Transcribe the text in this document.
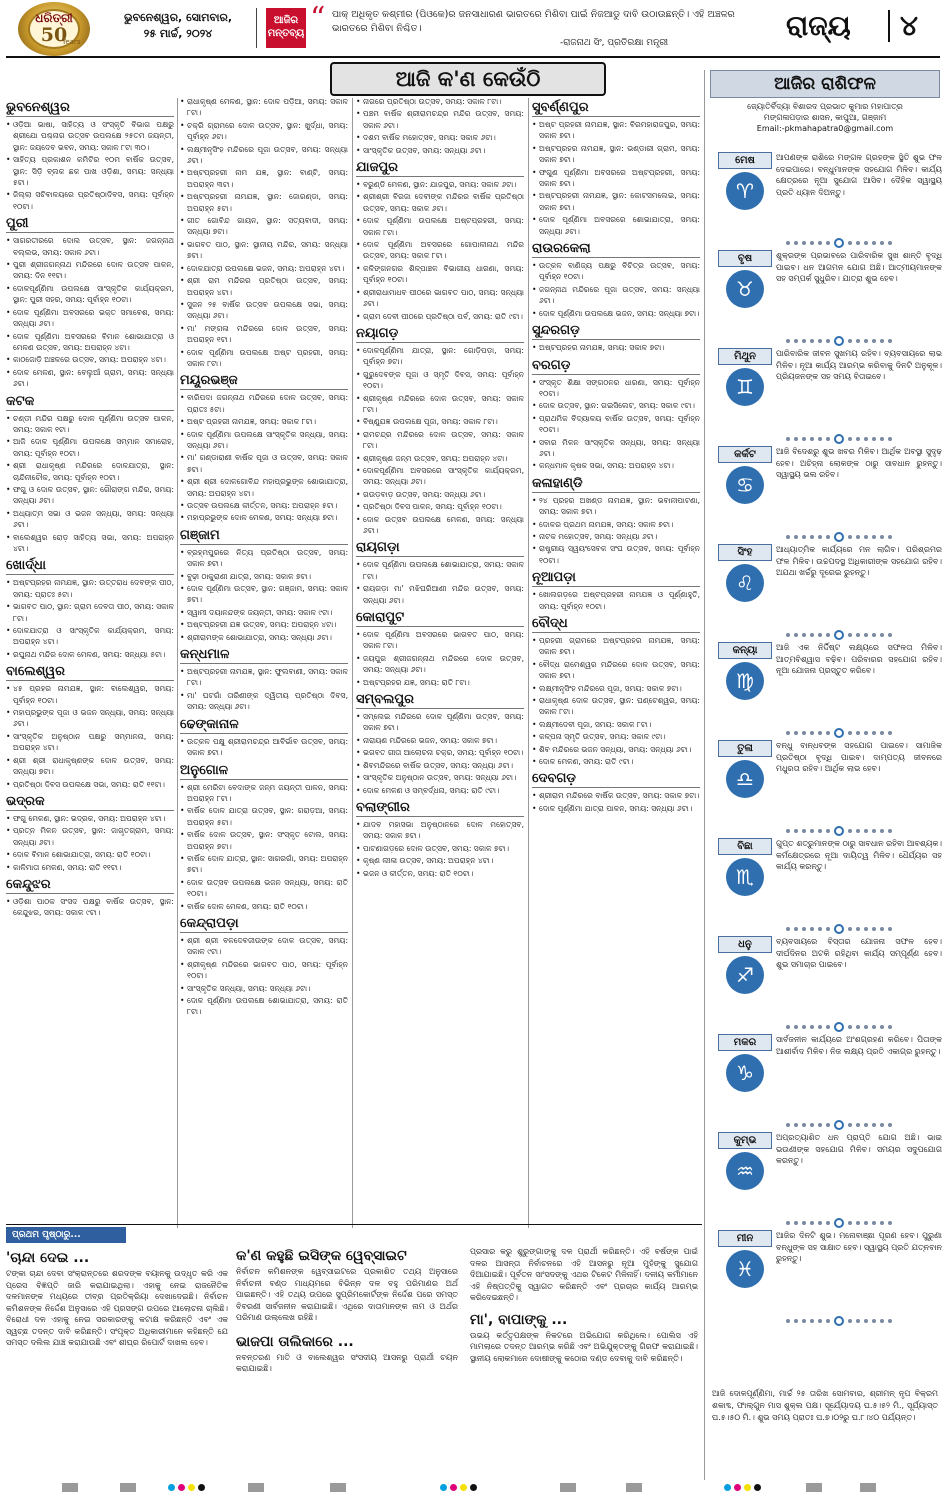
ଧରିତ୍ରୀ
50
Years
ଭୁବନେଶ୍ୱର, ସୋମବାର,
୨୫ ମାର୍ଚ୍ଚ, ୨୦୨୪
ଆଜିର ମନ୍ତବ୍ୟ “ ପାକ୍ ଅଧିକୃତ କଶ୍ମୀର (ପିଓକେ)ର ଜନସାଧାରଣ ଭାରତରେ ମିଶିବା ପାଇଁ ନିଜଆଡୁ ଦାବି ଉଠାଉଛନ୍ତି। ଏହି ଅଞ୍ଚଳର ଭାରତରେ ମିଶିବା ନିଶ୍ଚିତ।
-ରାଜନାଥ ସିଂ, ପ୍ରତିରକ୍ଷା ମନ୍ତ୍ରୀ
ରାଜ୍ୟ ୪
ଆଜି କ'ଣ କେଉଁଠି
ଭୁବନେଶ୍ୱର
• ଓଡ଼ିଆ ଭାଷା, ସାହିତ୍ୟ ଓ ସଂସ୍କୃତି ବିଭାଗ ପକ୍ଷରୁ ଶ୍ରୀଯୋ ପଶ୍ଚନାଗ ଉତ୍ସବ ଉପଲକ୍ଷେ ୨୫ତମ ଜୟନ୍ତୀ, ସ୍ଥାନ: ଜୟଦେବ ଭବନ, ସମୟ: ସକାଳ ୮ଟା ୩୦।
• ସାହିତ୍ୟ ପ୍ରକାଶନ କମିଟିର ୧୦ମ ବାର୍ଷିକ ଉତ୍ସବ, ସ୍ଥାନ: ସିଡ଼ି ବ୍ଲକ ଛକ ପାଖ ଓଡ଼ିଶା, ସମୟ: ସନ୍ଧ୍ୟା ୫ଟା।
• ଜିଲ୍ଲା ସଚିବାଳୟରେ ପ୍ରତିଷ୍ଠାଦିବସ, ସମୟ: ପୂର୍ବାହ୍ନ ୧୦ଟା।
ପୁରୀ
• ସାଗରତୀରରେ ଦୋଲ ଉତ୍ସବ, ସ୍ଥାନ: ଜଗନ୍ନାଥ ବଲ୍ଲଭ, ସମୟ: ସକାଳ ୬ଟା।
• ପୁରୀ ଶ୍ରୀଜଗନ୍ନାଥ ମନ୍ଦିରରେ ଦୋଳ ଉତ୍ସବ ପାଳନ, ସମୟ: ଦିନ ୧୧ଟା।
• ଦୋଳପୂର୍ଣ୍ଣିମା ଉପଲକ୍ଷେ ସାଂସ୍କୃତିକ କାର୍ଯ୍ୟକ୍ରମ, ସ୍ଥାନ: ପୁରୀ ସହର, ସମୟ: ପୂର୍ବାହ୍ନ ୧୦ଟା।
• ଦୋଳ ପୂର୍ଣ୍ଣିମା ଅବସରରେ ଭକ୍ତ ସମାବେଶ, ସମୟ: ସନ୍ଧ୍ୟା ୬ଟା।
• ଦୋଳ ପୂର୍ଣ୍ଣିମା ଅବସରରେ ବିମାନ ଶୋଭାଯାତ୍ରା ଓ ମେଳଣ ଉତ୍ସବ, ସମୟ: ଅପରାହ୍ନ ୪ଟା।
• କାଠଜୋଡ଼ି ଅଞ୍ଚଳରେ ଉତ୍ସବ, ସମୟ: ଅପରାହ୍ନ ୪ଟା।
• ଦୋଳ ମେଳଣ, ସ୍ଥାନ: ବେଲୁଆଁ ଗ୍ରାମ, ସମୟ: ସନ୍ଧ୍ୟା ୬ଟା।
କଟକ
• ଚଣ୍ଡୀ ମନ୍ଦିର ପକ୍ଷରୁ ଦୋଳ ପୂର୍ଣ୍ଣିମା ଉତ୍ସବ ପାଳନ, ସମୟ: ସକାଳ ୧ଟା।
• ଆଜି ଦୋଳ ପୂର୍ଣ୍ଣିମା ଉପଲକ୍ଷେ ସମ୍ମାନ ସମାରୋହ, ସମୟ: ପୂର୍ବାହ୍ନ ୧୦ଟା।
• ଶ୍ରୀ ରାଧାକୃଷ୍ଣ ମନ୍ଦିରରେ ଦୋଳଯାତ୍ରା, ସ୍ଥାନ: ଚାନ୍ଦିନୀଚୌକ, ସମୟ: ପୂର୍ବାହ୍ନ ୧୦ଟା।
• ଫଗୁ ଓ ଦୋଳ ଉତ୍ସବ, ସ୍ଥାନ: ଗୌରାଙ୍ଗ ମନ୍ଦିର, ସମୟ: ସନ୍ଧ୍ୟା ୬ଟା।
• ଅଧ୍ୟାତ୍ମ ସଭା ଓ ଭଜନ ସନ୍ଧ୍ୟା, ସମୟ: ସନ୍ଧ୍ୟା ୬ଟା।
• ବାଲେଶ୍ୱର ରୋଡ଼ ସାହିତ୍ୟ ସଭା, ସମୟ: ଅପରାହ୍ନ ୪ଟା।
ଖୋର୍ଦ୍ଧା
• ଅଷ୍ଟପ୍ରହର ନାମଯଜ୍ଞ, ସ୍ଥାନ: ଉତ୍ତରାଧ ଦେବଙ୍କ ପୀଠ, ସମୟ: ପ୍ରାତଃ ୫ଟା।
• ଭାଗବତ ପାଠ, ସ୍ଥାନ: ଗ୍ରାମ ଦେବତା ପୀଠ, ସମୟ: ସକାଳ ୮ଟା।
• ଦୋଳଯାତ୍ରା ଓ ସାଂସ୍କୃତିକ କାର୍ଯ୍ୟକ୍ରମ, ସମୟ: ଅପରାହ୍ନ ୪ଟା।
• ରଘୁନାଥ ମନ୍ଦିର ଦୋଳ ମେଳଣ, ସମୟ: ସନ୍ଧ୍ୟା ୫ଟା।
ବାଲେଶ୍ୱର
• ୪୫ ପ୍ରହର ନାମଯଜ୍ଞ, ସ୍ଥାନ: ବାଲେଶ୍ୱର, ସମୟ: ପୂର୍ବାହ୍ନ ୧୦ଟା।
• ମହାପ୍ରଭୁଙ୍କ ପୂଜା ଓ ଭଜନ ସନ୍ଧ୍ୟା, ସମୟ: ସନ୍ଧ୍ୟା ୬ଟା।
• ସାଂସ୍କୃତିକ ଅନୁଷ୍ଠାନ ପକ୍ଷରୁ ସମ୍ମାନନା, ସମୟ: ଅପରାହ୍ନ ୪ଟା।
• ଶ୍ରୀ ଶ୍ରୀ ରାଧାକୃଷ୍ଣଙ୍କ ଦୋଳ ଉତ୍ସବ, ସମୟ: ସନ୍ଧ୍ୟା ୭ଟା।
• ପ୍ରତିଷ୍ଠା ଦିବସ ଉପଲକ୍ଷେ ସଭା, ସମୟ: ରାତି ୧୧ଟା।
ଭଦ୍ରକ
• ଫଗୁ ମେଳଣ, ସ୍ଥାନ: ଭଦ୍ରକ, ସମୟ: ଅପରାହ୍ନ ୪ଟା।
• ପ୍ରତ୍ନ ମିଳନ ଉତ୍ସବ, ସ୍ଥାନ: ଜାଗୃତଗ୍ରାମ, ସମୟ: ସନ୍ଧ୍ୟା ୬ଟା।
• ଦୋଳ ବିମାନ ଶୋଭାଯାତ୍ରା, ସମୟ: ରାତି ୧୦ଟା।
• କାଳିମାତା ମେଳଣ, ସମୟ: ରାତି ୧୧ଟା।
କେନ୍ଦୁଝର
• ଓଡ଼ିଶା ପାଠକ ସଂସଦ ପକ୍ଷରୁ ବାର୍ଷିକ ଉତ୍ସବ, ସ୍ଥାନ: କେନ୍ଦୁଝର, ସମୟ: ସକାଳ ୯ଟା।
• ରାଧାକୃଷ୍ଣ ମେଳଣ, ସ୍ଥାନ: ଦୋଳ ପଡ଼ିଆ, ସମୟ: ସକାଳ ୮ଟା।
• ଚକ୍ରି ଗ୍ରାମରେ ଦୋଳ ଉତ୍ସବ, ସ୍ଥାନ: ଖୁର୍ଦ୍ଧା, ସମୟ: ପୂର୍ବାହ୍ନ ୬ଟା।
• ଲକ୍ଷ୍ମୀନୃସିଂହ ମନ୍ଦିରରେ ପୂଜା ଉତ୍ସବ, ସମୟ: ସନ୍ଧ୍ୟା ୬ଟା।
• ଅଷ୍ଟପ୍ରହରୀ ନାମ ଯଜ୍ଞ, ସ୍ଥାନ: ବାଣ୍ଟି, ସମୟ: ଅପରାହ୍ନ ୩ଟା।
• ଅଷ୍ଟପ୍ରହରୀ ନାମଯଜ୍ଞ, ସ୍ଥାନ: ଜୋରଣ୍ଡା, ସମୟ: ଅପରାହ୍ନ ୫ଟା।
• ଗୀତ ଗୋବିନ୍ଦ ଗାୟନ, ସ୍ଥାନ: ସତ୍ୟବାଦୀ, ସମୟ: ସନ୍ଧ୍ୟା ୭ଟା।
• ଭାଗବତ ପାଠ, ସ୍ଥାନ: ସ୍ଥାନୀୟ ମନ୍ଦିର, ସମୟ: ସନ୍ଧ୍ୟା ୭ଟା।
• ଦୋଳଯାତ୍ରା ଉପଲକ୍ଷେ ଭଜନ, ସମୟ: ଅପରାହ୍ନ ୪ଟା।
• ଶ୍ରୀ ରାମ ମନ୍ଦିରର ପ୍ରତିଷ୍ଠା ଉତ୍ସବ, ସମୟ: ଅପରାହ୍ନ ୪ଟା।
• ସୁଜନ ୨୫ ବାର୍ଷିକ ଉତ୍ସବ ଉପଲକ୍ଷେ ସଭା, ସମୟ: ସନ୍ଧ୍ୟା ୬ଟା।
• ମା' ମଙ୍ଗଳା ମନ୍ଦିରରେ ଦୋଳ ଉତ୍ସବ, ସମୟ: ଅପରାହ୍ନ ୧ଟା।
• ଦୋଳ ପୂର୍ଣ୍ଣିମା ଉପଲକ୍ଷେ ଅଷ୍ଟ ପ୍ରହରୀ, ସମୟ: ସକାଳ ୮ଟା।
ମୟୂରଭଞ୍ଜ
• ବାରିପଦା ଜଗନ୍ନାଥ ମନ୍ଦିରରେ ଦୋଳ ଉତ୍ସବ, ସମୟ: ପ୍ରାତଃ ୫ଟା।
• ଅଷ୍ଟ ପ୍ରହରୀ ନାମଯଜ୍ଞ, ସମୟ: ସକାଳ ୮ଟା।
• ଦୋଳ ପୂର୍ଣ୍ଣିମା ଉପଲକ୍ଷେ ସାଂସ୍କୃତିକ ସନ୍ଧ୍ୟା, ସମୟ: ସନ୍ଧ୍ୟା ୬ଟା।
• ମା' ଗଣ୍ଡାରାଣୀ ବାର୍ଷିକ ପୂଜା ଓ ଉତ୍ସବ, ସମୟ: ସକାଳ ୭ଟା।
• ଶ୍ରୀ ଶ୍ରୀ ଦୋଳଗୋବିନ୍ଦ ମହାପ୍ରଭୁଙ୍କ ଶୋଭାଯାତ୍ରା, ସମୟ: ଅପରାହ୍ନ ୪ଟା।
• ଉତ୍ସବ ଉପଲକ୍ଷେ କୀର୍ତ୍ତନ, ସମୟ: ଅପରାହ୍ନ ୫ଟା।
• ମହାପ୍ରଭୁଙ୍କ ଦୋଳ ମେଳଣ, ସମୟ: ସନ୍ଧ୍ୟା ୭ଟା।
ଗଞ୍ଜାମ
• ବ୍ରହ୍ମପୁରରେ ନିତ୍ୟ ପ୍ରତିଷ୍ଠା ଉତ୍ସବ, ସମୟ: ସକାଳ ୭ଟା।
• ବୁଢ଼ୀ ଠାକୁରାଣୀ ଯାତ୍ରା, ସମୟ: ସକାଳ ୭ଟା।
• ଦୋଳ ପୂର୍ଣ୍ଣିମା ଉତ୍ସବ, ସ୍ଥାନ: ଗଞ୍ଜାମ, ସମୟ: ସକାଳ ୭ଟା।
• ସ୍ୱାମୀ ଦୟାନନ୍ଦଙ୍କ ଜୟନ୍ତୀ, ସମୟ: ସକାଳ ୯ଟା।
• ଅଷ୍ଟପ୍ରହରୀ ଯଜ୍ଞ ଉତ୍ସବ, ସମୟ: ଅପରାହ୍ନ ୪ଟା।
• ଶ୍ରୀରାମଙ୍କ ଶୋଭାଯାତ୍ରା, ସମୟ: ସନ୍ଧ୍ୟା ୬ଟା।
କନ୍ଧମାଳ
• ଅଷ୍ଟପ୍ରହରୀ ନାମଯଜ୍ଞ, ସ୍ଥାନ: ଫୁଲବାଣୀ, ସମୟ: ସକାଳ ୮ଟା।
• ମା' ଘଟଗାଁ ତାରିଣୀଙ୍କ ଦ୍ୱିତୀୟ ପ୍ରତିଷ୍ଠା ଦିବସ, ସମୟ: ସନ୍ଧ୍ୟା ୬ଟା।
ଢେଙ୍କାନାଳ
• ଉତ୍କଳ ପକ୍ଷୁ ଶ୍ରୀରାମଚନ୍ଦ୍ର ଆବିର୍ଭାବ ଉତ୍ସବ, ସମୟ: ସକାଳ ୭ଟା।
ଅନୁଗୋଳ
• ଶ୍ରୀ ମେରିଟା ବେଦାଙ୍କ ଜନ୍ମ ଜୟନ୍ତୀ ପାଳନ, ସମୟ: ଅପରାହ୍ନ ୮ଟା।
• ବାର୍ଷିକ ଦୋଳ ଯାତ୍ରା ଉତ୍ସବ, ସ୍ଥାନ: ଗରାଡ଼ଆ, ସମୟ: ଅପରାହ୍ନ ୫ଟା।
• ବାର୍ଷିକ ଦୋଳ ଉତ୍ସବ, ସ୍ଥାନ: ସଂସ୍କୃତ ଟୋଲ, ସମୟ: ଅପରାହ୍ନ ୭ଟା।
• ବାର୍ଷିକ ଦୋଳ ଯାତ୍ରା, ସ୍ଥାନ: ସାଗରଗାଁ, ସମୟ: ଅପରାହ୍ନ ୭ଟା।
• ଦୋଳ ଉତ୍ସବ ଉପଲକ୍ଷେ ଭଜନ ସନ୍ଧ୍ୟା, ସମୟ: ରାତି ୧୦ଟା।
• ବାର୍ଷିକ ଦୋଳ ମେଳଣ, ସମୟ: ରାତି ୧୦ଟା।
କେନ୍ଦ୍ରାପଡ଼ା
• ଶ୍ରୀ ଶ୍ରୀ ବଳଦେବଜୀଉଙ୍କ ଦୋଳ ଉତ୍ସବ, ସମୟ: ସକାଳ ୯ଟା।
• ଶ୍ରୀକୃଷ୍ଣ ମନ୍ଦିରରେ ଭାଗବତ ପାଠ, ସମୟ: ପୂର୍ବାହ୍ନ ୧୦ଟା।
• ସାଂସ୍କୃତିକ ସନ୍ଧ୍ୟା, ସମୟ: ସନ୍ଧ୍ୟା ୬ଟା।
• ଦୋଳ ପୂର୍ଣ୍ଣିମା ଉପଲକ୍ଷେ ଶୋଭାଯାତ୍ରା, ସମୟ: ରାତି ୮ଟା।
• ନାଗରେ ପ୍ରତିଷ୍ଠା ଉତ୍ସବ, ସମୟ: ସକାଳ ୮ଟା।
• ପଞ୍ଚମ ବାର୍ଷିକ ଶ୍ରୀରାମଚନ୍ଦ୍ର ମନ୍ଦିର ଉତ୍ସବ, ସମୟ: ସକାଳ ୬ଟା।
• ଦଶମ ବାର୍ଷିକ ମହୋତ୍ସବ, ସମୟ: ସକାଳ ୬ଟା।
• ସାଂସ୍କୃତିକ ଉତ୍ସବ, ସମୟ: ସନ୍ଧ୍ୟା ୬ଟା।
ଯାଜପୁର
• ବରୁଣ୍ଡି ମେଳଣ, ସ୍ଥାନ: ଯାଜପୁର, ସମୟ: ସକାଳ ୬ଟା।
• ଶ୍ରୀଶ୍ରୀ ବିରଜା ଦେବୀଙ୍କ ମନ୍ଦିରର ବାର୍ଷିକ ପ୍ରତିଷ୍ଠା ଉତ୍ସବ, ସମୟ: ସକାଳ ୬ଟା।
• ଦୋଳ ପୂର୍ଣ୍ଣିମା ଉପଲକ୍ଷେ ଅଷ୍ଟପ୍ରହରୀ, ସମୟ: ସକାଳ ୮ଟା।
• ଦୋଳ ପୂର୍ଣ୍ଣିମା ଅବସରରେ ଗୋପାଳୀନାଥ ମନ୍ଦିର ଉତ୍ସବ, ସମୟ: ସକାଳ ୮ଟା।
• କଳିଙ୍ଗନଗର ଶିଳ୍ପାଞ୍ଚଳ ବିଭାଗୀୟ ଧାରଣା, ସମୟ: ପୂର୍ବାହ୍ନ ୧୦ଟା।
• ଶ୍ରୀରାଧାମାଧବ ପୀଠରେ ଭାଗବତ ପାଠ, ସମୟ: ସନ୍ଧ୍ୟା ୬ଟା।
• ଗ୍ରାମ ଦେବୀ ପୀଠରେ ପ୍ରତିଷ୍ଠା ପର୍ବ, ସମୟ: ରାତି ୯ଟା।
ନୟାଗଡ଼
• ଦୋଳପୂର୍ଣ୍ଣିମା ଯାତ୍ରା, ସ୍ଥାନ: ଗୋଡ଼ିପଡ଼ା, ସମୟ: ପୂର୍ବାହ୍ନ ୭ଟା।
• ଗୁରୁଦେବଙ୍କ ପୂଜା ଓ ସ୍ମୃତି ଦିବସ, ସମୟ: ପୂର୍ବାହ୍ନ ୧୦ଟା।
• ଶ୍ରୀକୃଷ୍ଣ ମନ୍ଦିରରେ ଦୋଳ ଉତ୍ସବ, ସମୟ: ସକାଳ ୮ଟା।
• ବିଷ୍ଣୁଯଜ୍ଞ ଉପଲକ୍ଷେ ପୂଜା, ସମୟ: ସକାଳ ୮ଟା।
• ରାମଚନ୍ଦ୍ର ମନ୍ଦିରରେ ଦୋଳ ଉତ୍ସବ, ସମୟ: ସକାଳ ୮ଟା।
• ଶ୍ରୀକୃଷ୍ଣ ଜନ୍ମ ଉତ୍ସବ, ସମୟ: ଅପରାହ୍ନ ୪ଟା।
• ଦୋଳପୂର୍ଣ୍ଣିମା ଅବସରରେ ସାଂସ୍କୃତିକ କାର୍ଯ୍ୟକ୍ରମ, ସମୟ: ସନ୍ଧ୍ୟା ୬ଟା।
• ଗଉଡ଼ବାଡ଼ ଉତ୍ସବ, ସମୟ: ସନ୍ଧ୍ୟା ୬ଟା।
• ପ୍ରତିଷ୍ଠା ଦିବସ ପାଳନ, ସମୟ: ପୂର୍ବାହ୍ନ ୧୦ଟା।
• ଦୋଳ ଉତ୍ସବ ଉପଲକ୍ଷେ ମେଳଣ, ସମୟ: ସନ୍ଧ୍ୟା ୬ଟା।
ରାୟଗଡ଼ା
• ଦୋଳ ପୂର୍ଣ୍ଣିମା ଉପଲକ୍ଷେ ଶୋଭାଯାତ୍ରା, ସମୟ: ସକାଳ ୮ଟା।
• ରାୟଗଡ଼ା ମା' ମଝିଘରିଆଣୀ ମନ୍ଦିର ଉତ୍ସବ, ସମୟ: ସନ୍ଧ୍ୟା ୬ଟା।
କୋରାପୁଟ
• ଦୋଳ ପୂର୍ଣ୍ଣିମା ଅବସରରେ ଭାଗବତ ପାଠ, ସମୟ: ସକାଳ ୮ଟା।
• ଜୟପୁର ଶ୍ରୀଜଗନ୍ନାଥ ମନ୍ଦିରରେ ଦୋଳ ଉତ୍ସବ, ସମୟ: ସନ୍ଧ୍ୟା ୬ଟା।
• ଅଷ୍ଟପ୍ରହର ଯଜ୍ଞ, ସମୟ: ରାତି ୮ଟା।
ସମ୍ବଲପୁର
• ସମ୍ଲେଇ ମନ୍ଦିରରେ ଦୋଳ ପୂର୍ଣ୍ଣିମା ଉତ୍ସବ, ସମୟ: ସକାଳ ୭ଟା।
• ନାରାୟଣ ମନ୍ଦିରରେ ଭଜନ, ସମୟ: ସକାଳ ୭ଟା।
• ଭଗବତ ଗୀତା ଆଲୋଚନା ଚକ୍ର, ସମୟ: ପୂର୍ବାହ୍ନ ୧୦ଟା।
• ଶିବମନ୍ଦିରରେ ବାର୍ଷିକ ଉତ୍ସବ, ସମୟ: ସନ୍ଧ୍ୟା ୬ଟା।
• ସାଂସ୍କୃତିକ ଅନୁଷ୍ଠାନ ଉତ୍ସବ, ସମୟ: ସନ୍ଧ୍ୟା ୬ଟା।
• ଦୋଳ ମେଳଣ ଓ ସମ୍ବର୍ଦ୍ଧନା, ସମୟ: ରାତି ୯ଟା।
ବଲାଙ୍ଗୀର
• ଯାଦବ ମହାସଭା ଅନୁଷ୍ଠାନରେ ଦୋଳ ମହୋତ୍ସବ, ସମୟ: ସକାଳ ୭ଟା।
• ପାଟଣାଗଡ଼ରେ ଦୋଳ ଉତ୍ସବ, ସମୟ: ସକାଳ ୭ଟା।
• କୃଷ୍ଣ ଲୀଳା ଉତ୍ସବ, ସମୟ: ଅପରାହ୍ନ ୪ଟା।
• ଭଜନ ଓ କୀର୍ତ୍ତନ, ସମୟ: ରାତି ୧୦ଟା।
ସୁବର୍ଣ୍ଣପୁର
• ଅଷ୍ଟ ପ୍ରହରୀ ନାମଯଜ୍ଞ, ସ୍ଥାନ: ବିରମହାରାଜପୁର, ସମୟ: ସକାଳ ୭ଟା।
• ଅଷ୍ଟପ୍ରହର ନାମଯଜ୍ଞ, ସ୍ଥାନ: ଭଣ୍ଡାରୀ ଗ୍ରାମ, ସମୟ: ସକାଳ ୭ଟା।
• ଫଗୁଣ ପୂର୍ଣ୍ଣିମା ଅବସରରେ ଅଷ୍ଟପ୍ରହରୀ, ସମୟ: ସକାଳ ୭ଟା।
• ଅଷ୍ଟପ୍ରହରୀ ନାମଯଜ୍ଞ, ସ୍ଥାନ: କୋଟସମଲେଇ, ସମୟ: ସକାଳ ୭ଟା।
• ଦୋଳ ପୂର୍ଣ୍ଣିମା ଅବସରରେ ଶୋଭାଯାତ୍ରା, ସମୟ: ସନ୍ଧ୍ୟା ୬ଟା।
ରାଉରକେଲା
• ଉତ୍କଳ ବାଣିଜ୍ୟ ପକ୍ଷରୁ ବିଚିତ୍ର ଉତ୍ସବ, ସମୟ: ପୂର୍ବାହ୍ନ ୧୦ଟା।
• ଜଗନ୍ନାଥ ମନ୍ଦିରରେ ପୂଜା ଉତ୍ସବ, ସମୟ: ସନ୍ଧ୍ୟା ୬ଟା।
• ଦୋଳ ପୂର୍ଣ୍ଣିମା ଉପଲକ୍ଷେ ଭଜନ, ସମୟ: ସନ୍ଧ୍ୟା ୭ଟା।
ସୁନ୍ଦରଗଡ଼
• ଅଷ୍ଟପ୍ରହର ନାମଯଜ୍ଞ, ସମୟ: ସକାଳ ୭ଟା।
ବରଗଡ଼
• ସଂସ୍କୃତ ଶିକ୍ଷା ସଙ୍ଗଠନର ଧାରଣା, ସମୟ: ପୂର୍ବାହ୍ନ ୧୦ଟା।
• ଦୋଳ ଉତ୍ସବ, ସ୍ଥାନ: ଗଇସିଲେଟ, ସମୟ: ସକାଳ ୯ଟା।
• ପ୍ରାଥମିକ ବିଦ୍ୟାଳୟ ବାର୍ଷିକ ଉତ୍ସବ, ସମୟ: ପୂର୍ବାହ୍ନ ୧୦ଟା।
• ସବାର ମିଳନ ସାଂସ୍କୃତିକ ସନ୍ଧ୍ୟା, ସମୟ: ସନ୍ଧ୍ୟା ୬ଟା।
• କନ୍ଧମାଳ କୃଷକ ସଭା, ସମୟ: ଅପରାହ୍ନ ୪ଟା।
କଳାହାଣ୍ଡି
• ୨୪ ପ୍ରହର ଅଖଣ୍ଡ ନାମଯଜ୍ଞ, ସ୍ଥାନ: ଭବାନୀପାଟଣା, ସମୟ: ସକାଳ ୭ଟା।
• ଦୋଳର ପ୍ରଥମ ନାମଯଜ୍ଞ, ସମୟ: ସକାଳ ୭ଟା।
• ନାଟକ ମହୋତ୍ସବ, ସମୟ: ସନ୍ଧ୍ୟା ୬ଟା।
• ରାଷ୍ଟ୍ରୀୟ ସ୍ୱୟଂସେବକ ସଂଘ ଉତ୍ସବ, ସମୟ: ପୂର୍ବାହ୍ନ ୧୦ଟା।
ନୂଆପଡ଼ା
• ଖୋଲଗଡ଼ରେ ଅଷ୍ଟପ୍ରହରୀ ନାମଯଜ୍ଞ ଓ ପୂର୍ଣ୍ଣାହୁତି, ସମୟ: ପୂର୍ବାହ୍ନ ୧୦ଟା।
ବୌଦ୍ଧ
• ପ୍ରହରୀ ଗ୍ରାମରେ ଅଷ୍ଟପ୍ରହର ନାମଯଜ୍ଞ, ସମୟ: ସକାଳ ୭ଟା।
• ବୌଦ୍ଧ ରାମେଶ୍ୱର ମନ୍ଦିରରେ ଦୋଳ ଉତ୍ସବ, ସମୟ: ସକାଳ ୭ଟା।
• ଲକ୍ଷ୍ମୀନୃସିଂହ ମନ୍ଦିରରେ ପୂଜା, ସମୟ: ସକାଳ ୭ଟା।
• ରାଧାକୃଷ୍ଣ ଦୋଳ ଉତ୍ସବ, ସ୍ଥାନ: ଘଣ୍ଟେଶ୍ୱର, ସମୟ: ସକାଳ ୮ଟା।
• ଲକ୍ଷ୍ମୀଦେବୀ ପୂଜା, ସମୟ: ସକାଳ ୮ଟା।
• କଳ୍ପନା ସ୍ମୃତି ଉତ୍ସବ, ସମୟ: ସକାଳ ୯ଟା।
• ଶିବ ମନ୍ଦିରରେ ଭଜନ ସନ୍ଧ୍ୟା, ସମୟ: ସନ୍ଧ୍ୟା ୬ଟା।
• ଦୋଳ ମେଳଣ, ସମୟ: ରାତି ୯ଟା।
ଦେବଗଡ଼
• ଶ୍ରୀରାମ ମନ୍ଦିରରେ ବାର୍ଷିକ ଉତ୍ସବ, ସମୟ: ସକାଳ ୭ଟା।
• ଦୋଳ ପୂର୍ଣ୍ଣିମା ଯାତ୍ରା ପାଳନ, ସମୟ: ସନ୍ଧ୍ୟା ୬ଟା।
ଆଜିର ରାଶିଫଳ
ଜ୍ୟୋତିର୍ବିଦ୍ୟା ବିଶାରଦ ପ୍ରଭାତ କୁମାର ମହାପାତ୍ର
ମଙ୍ଗଳାପଡ଼ାର ଶାସନ, କାପୁଆ, ଗଞ୍ଜାମ
Email:-pkmahapatra0@gmail.com
ମେଷ
♈
ଆପଣଙ୍କ ରାଶିରେ ମଙ୍ଗଳ ଗ୍ରହଙ୍କ ସ୍ଥିତି ଶୁଭ ଫଳ ଦେଇପାରେ। ବନ୍ଧୁମାନଙ୍କ ସହଯୋଗ ମିଳିବ। କାର୍ଯ୍ୟ କ୍ଷେତ୍ରରେ ନୂଆ ସୁଯୋଗ ଆସିବ। ଦୈହିକ ସ୍ୱାସ୍ଥ୍ୟ ପ୍ରତି ଧ୍ୟାନ ଦିଅନ୍ତୁ।
ବୃଷ
♉
ଶୁକ୍ରଙ୍କ ପ୍ରଭାବରେ ପାରିବାରିକ ସୁଖ ଶାନ୍ତି ବୃଦ୍ଧି ପାଇବ। ଧନ ଆଗମନ ଯୋଗ ଅଛି। ଆତ୍ମୀୟମାନଙ୍କ ସହ ସମ୍ପର୍କ ସୁଧୁରିବ। ଯାତ୍ରା ଶୁଭ ହେବ।
ମିଥୁନ
♊
ପାରିବାରିକ ଜୀବନ ସୁଖମୟ ରହିବ। ବ୍ୟବସାୟରେ ଲାଭ ମିଳିବ। ନୂଆ କାର୍ଯ୍ୟ ଆରମ୍ଭ କରିବାକୁ ଦିନଟି ଅନୁକୂଳ। ପ୍ରିୟଜନଙ୍କ ସହ ସମୟ ବିତାଇବେ।
କର୍କଟ
♋
ଆଜି ବିଦେଶରୁ ଶୁଭ ଖବର ମିଳିବ। ଆର୍ଥିକ ଅବସ୍ଥା ସୁଦୃଢ଼ ହେବ। ଅଚିହ୍ନା ଲୋକଙ୍କ ଠାରୁ ସାବଧାନ ରୁହନ୍ତୁ। ସ୍ୱାସ୍ଥ୍ୟ ଭଲ ରହିବ।
ସିଂହ
♌
ଆଧ୍ୟାତ୍ମିକ କାର୍ଯ୍ୟରେ ମନ ଲାଗିବ। ପରିଶ୍ରମର ଫଳ ମିଳିବ। ଉଚ୍ଚପଦସ୍ଥ ଅଧିକାରୀଙ୍କ ସହଯୋଗ ରହିବ। ଅଯଥା ଖର୍ଚ୍ଚରୁ ଦୂରେଇ ରୁହନ୍ତୁ।
କନ୍ୟା
♍
ଆଜି ଏକ ନିର୍ଦ୍ଦିଷ୍ଟ ଲକ୍ଷ୍ୟରେ ସଫଳତା ମିଳିବ। ଆତ୍ମବିଶ୍ୱାସ ବଢ଼ିବ। ପରିବାରର ସହଯୋଗ ରହିବ। ନୂଆ ଯୋଜନା ପ୍ରସ୍ତୁତ କରିବେ।
ତୁଳା
♎
ବନ୍ଧୁ ବାନ୍ଧବଙ୍କ ସହଯୋଗ ପାଇବେ। ସାମାଜିକ ପ୍ରତିଷ୍ଠା ବୃଦ୍ଧି ପାଇବ। ଦାମ୍ପତ୍ୟ ଜୀବନରେ ମଧୁରତା ରହିବ। ଆର୍ଥିକ ଲାଭ ହେବ।
ବିଛା
♏
ଗୁପ୍ତ ଶତ୍ରୁମାନଙ୍କ ଠାରୁ ସାବଧାନ ରହିବା ଆବଶ୍ୟକ। କର୍ମକ୍ଷେତ୍ରରେ ନୂଆ ଦାୟିତ୍ୱ ମିଳିବ। ଧୈର୍ଯ୍ୟର ସହ କାର୍ଯ୍ୟ କରନ୍ତୁ।
ଧନୁ
♐
ବ୍ୟବସାୟରେ ବିସ୍ତାର ଯୋଜନା ସଫଳ ହେବ। ଦୀର୍ଘଦିନର ଅଟକି ରହିଥିବା କାର୍ଯ୍ୟ ସମ୍ପୂର୍ଣ୍ଣ ହେବ। ଶୁଭ ସମାଚାର ପାଇବେ।
ମକର
♑
ସାର୍ବଜନୀନ କାର୍ଯ୍ୟରେ ଅଂଶଗ୍ରହଣ କରିବେ। ପିତାଙ୍କ ଆଶୀର୍ବାଦ ମିଳିବ। ନିଜ ଲକ୍ଷ୍ୟ ପ୍ରତି ଏକାଗ୍ର ରୁହନ୍ତୁ।
କୁମ୍ଭ
♒
ଅପ୍ରତ୍ୟାଶିତ ଧନ ପ୍ରାପ୍ତି ଯୋଗ ଅଛି। ଭାଇ ଭଉଣୀଙ୍କ ସହଯୋଗ ମିଳିବ। ସମୟର ସଦୁପଯୋଗ କରନ୍ତୁ।
ମୀନ
♓
ଆଜିର ଦିନଟି ଶୁଭ। ମନୋବାଞ୍ଛା ପୂରଣ ହେବ। ପୁରୁଣା ବନ୍ଧୁଙ୍କ ସହ ସାକ୍ଷାତ ହେବ। ସ୍ୱାସ୍ଥ୍ୟ ପ୍ରତି ଯତ୍ନବାନ ରୁହନ୍ତୁ।
ଆଜି ଦୋଳପୂର୍ଣ୍ଣିମା, ମାର୍ଚ୍ଚ ୨୫ ତାରିଖ ସୋମବାର, ଶ୍ରୀମନ୍ ନୃପ ବିକ୍ରମ ଶକାବ୍ଦ, ଫାଲ୍ଗୁନ ମାସ ଶୁକ୍ଲ ପକ୍ଷ। ସୂର୍ଯ୍ୟୋଦୟ ଘ.୫।୫୨ ମି., ସୂର୍ଯ୍ୟାସ୍ତ ଘ.୫।୫୦ ମି.। ଶୁଭ ସମୟ ପ୍ରାତଃ ଘ.୭।୦୨ରୁ ଘ.୮।୪୦ ପର୍ଯ୍ୟନ୍ତ।
ପ୍ରଥମ ପୃଷ୍ଠାରୁ...
'ଚାନ୍ଦା ଦେଇ ...
ଟଙ୍କା ଚାନ୍ଦା ଦେବା ସଂକ୍ରାନ୍ତରେ ଶରଦଙ୍କ ବୟାନକୁ ଉଦ୍ଧୃତ କରି ଏକ ପ୍ରେସ ବିଜ୍ଞପ୍ତି ଜାରି କରାଯାଇଥିଲା। ଏହାକୁ ନେଇ ରାଜନୈତିକ ଦଳମାନଙ୍କ ମଧ୍ୟରେ ତୀବ୍ର ପ୍ରତିକ୍ରିୟା ଦେଖାଦେଇଛି। ନିର୍ବାଚନ କମିଶନଙ୍କ ନିର୍ଦ୍ଦେଶ ଅନୁସାରେ ଏହି ପ୍ରସଙ୍ଗ ଉପରେ ଆଲୋଚନା ଚାଲିଛି। ବିରୋଧୀ ଦଳ ଏହାକୁ ନେଇ ସରକାରଙ୍କୁ କଟାକ୍ଷ କରିଛନ୍ତି ଏବଂ ଏକ ସ୍ୱଚ୍ଛ ତଦନ୍ତ ଦାବି କରିଛନ୍ତି। ସଂପୃକ୍ତ ଅଧିକାରୀମାନେ କହିଛନ୍ତି ଯେ ସମସ୍ତ ଦଲିଲ ଯାଞ୍ଚ କରାଯାଉଛି ଏବଂ ଶୀଘ୍ର ରିପୋର୍ଟ ଦାଖଲ ହେବ।
କ'ଣ କହୁଛି ଇସିଙ୍କ ୱେବ୍‌ସାଇଟ
ନିର୍ବାଚନ କମିଶନଙ୍କ ୱେବ୍‌ସାଇଟରେ ପ୍ରକାଶିତ ତଥ୍ୟ ଅନୁସାରେ ନିର୍ବାଚନୀ ବଣ୍ଡ ମାଧ୍ୟମରେ ବିଭିନ୍ନ ଦଳ ବହୁ ପରିମାଣର ଅର୍ଥ ପାଇଛନ୍ତି। ଏହି ତଥ୍ୟ ଉପରେ ସୁପ୍ରିମକୋର୍ଟଙ୍କ ନିର୍ଦ୍ଦେଶ ପରେ ସମସ୍ତ ବିବରଣୀ ସାର୍ବଜନୀନ କରାଯାଇଛି। ଏଥିରେ ଦାତାମାନଙ୍କ ନାମ ଓ ଅର୍ଥର ପରିମାଣ ଉଲ୍ଲେଖ ରହିଛି।
ଭାଜପା ତାଲିକାରେ ...
ନବନ୍ତରଣ ମାତି ଓ ବାଲେଶ୍ୱର ସଂସଦୀୟ ଆସନରୁ ପ୍ରାର୍ଥୀ ଚୟନ କରାଯାଇଛି।
ପ୍ରସାର କରୁ ଶୁରୁଙ୍ଗାଙ୍କୁ ଦଳ ପ୍ରାର୍ଥୀ କରିଛନ୍ତି। ଏହି ବର୍ଷଙ୍କ ପାଇଁ ଦଳର ଆସନ୍ତା ନିର୍ବାଚନରେ ଏହି ଆସନରୁ ନୂଆ ମୁହଁଙ୍କୁ ସୁଯୋଗ ଦିଆଯାଇଛି। ପୂର୍ବତନ ସାଂସଦଙ୍କୁ ଏଥର ଟିକେଟ ମିଳିନାହିଁ। ଦଳୀୟ କର୍ମୀମାନେ ଏହି ନିଷ୍ପତ୍ତିକୁ ସ୍ୱାଗତ କରିଛନ୍ତି ଏବଂ ପ୍ରଚାର କାର୍ଯ୍ୟ ଆରମ୍ଭ କରିଦେଇଛନ୍ତି।
ମା', ବାପାଙ୍କୁ ...
ଉଭୟ କର୍ତ୍ତୃପକ୍ଷଙ୍କ ନିକଟରେ ଅଭିଯୋଗ କରିଥିଲେ। ପୋଲିସ ଏହି ମାମଲାରେ ତଦନ୍ତ ଆରମ୍ଭ କରିଛି ଏବଂ ଅଭିଯୁକ୍ତଙ୍କୁ ଗିରଫ କରାଯାଇଛି। ସ୍ଥାନୀୟ ଲୋକମାନେ ଦୋଷୀଙ୍କୁ କଠୋର ଦଣ୍ଡ ଦେବାକୁ ଦାବି କରିଛନ୍ତି।
